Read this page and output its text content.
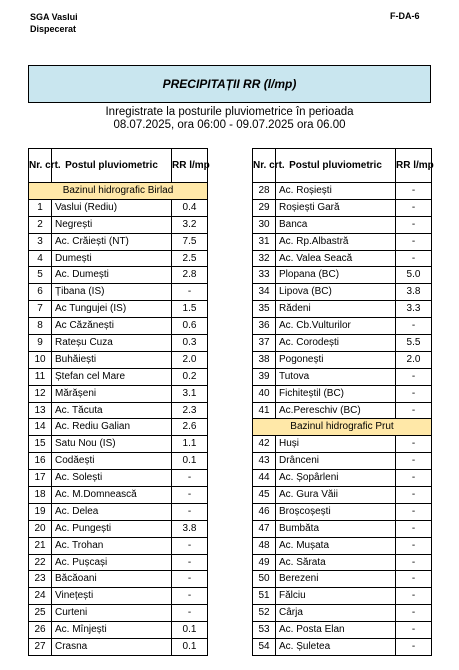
SGA Vaslui
Dispecerat
F-DA-6
PRECIPITAȚII RR (l/mp)
Inregistrate la posturile pluviometrice în perioada
08.07.2025, ora 06:00 - 09.07.2025 ora 06.00
Nr. crt.	Postul pluviometric	RR l/mp
Bazinul hidrografic Birlad		
1	Vaslui (Rediu)	0.4
2	Negrești	3.2
3	Ac. Crăiești (NT)	7.5
4	Dumești	2.5
5	Ac. Dumești	2.8
6	Țibana (IS)	-
7	Ac Tungujei (IS)	1.5
8	Ac Căzănești	0.6
9	Rateșu Cuza	0.3
10	Buhăiești	2.0
11	Ștefan cel Mare	0.2
12	Mărășeni	3.1
13	Ac. Tăcuta	2.3
14	Ac. Rediu Galian	2.6
15	Satu Nou (IS)	1.1
16	Codăești	0.1
17	Ac. Solești	-
18	Ac. M.Domnească	-
19	Ac. Delea	-
20	Ac. Pungești	3.8
21	Ac. Trohan	-
22	Ac. Pușcași	-
23	Băcăoani	-
24	Vinețești	-
25	Curteni	-
26	Ac. Mînjești	0.1
27	Crasna	0.1
Nr. crt.	Postul pluviometric	RR l/mp
28	Ac. Roșiești	-
29	Roșiești Gară	-
30	Banca	-
31	Ac. Rp.Albastră	-
32	Ac. Valea Seacă	-
33	Plopana (BC)	5.0
34	Lipova (BC)	3.8
35	Rădeni	3.3
36	Ac. Cb.Vulturilor	-
37	Ac. Corodești	5.5
38	Pogonești	2.0
39	Tutova	-
40	Fichiteștil (BC)	-
41	Ac.Pereschiv (BC)	-
Bazinul hidrografic Prut		
42	Huși	-
43	Drânceni	-
44	Ac. Șopârleni	-
45	Ac. Gura Văii	-
46	Broșcoșești	-
47	Bumbăta	-
48	Ac. Mușata	-
49	Ac. Sărata	-
50	Berezeni	-
51	Fălciu	-
52	Cârja	-
53	Ac. Posta Elan	-
54	Ac. Șuletea	-
